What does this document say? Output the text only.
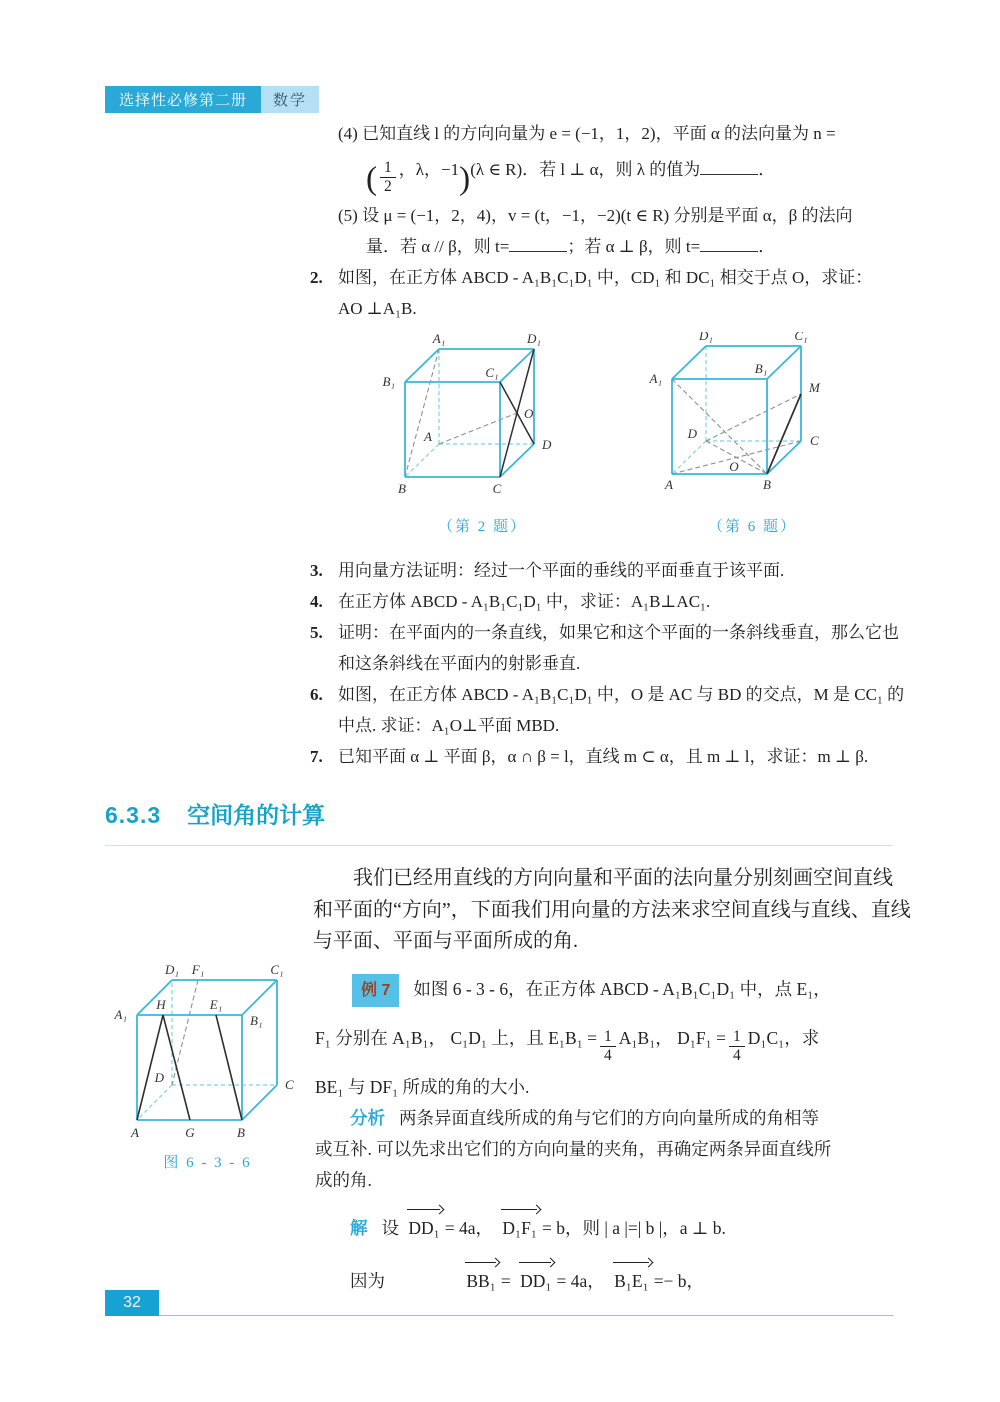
选择性必修第二册	数学
(4) 已知直线 l 的方向向量为 e = (−1，1，2)，平面 α 的法向量为 n =
( $\frac{1}{2}$ ，λ，−1)(λ ∈ R)．若 l ⊥ α，则 λ 的值为	．
(5) 设 μ = (−1，2，4)，v = (t，−1，−2)(t ∈ R) 分别是平面 α，β 的法向
量．若 α // β，则 t=	；若 α ⊥ β，则 t=	．
2. 如图，在正方体 ABCD - A₁B₁C₁D₁ 中，CD₁ 和 DC₁ 相交于点 O，求证：
AO ⊥A₁B.
A₁	D₁
B₁
C₁
O
A
D
B	C
（第 2 题）
D₁	C₁
A₁
B₁
M
D	C
O
A	B
（第 6 题）
3. 用向量方法证明：经过一个平面的垂线的平面垂直于该平面.
4. 在正方体 ABCD - A₁B₁C₁D₁ 中，求证：A₁B⊥AC₁.
5. 证明：在平面内的一条直线，如果它和这个平面的一条斜线垂直，那么它也
和这条斜线在平面内的射影垂直.
6. 如图，在正方体 ABCD - A₁B₁C₁D₁ 中，O 是 AC 与 BD 的交点，M 是 CC₁ 的
中点. 求证：A₁O⊥平面 MBD.
7. 已知平面 α ⊥ 平面 β，α ∩ β = l，直线 m ⊂ α，且 m ⊥ l，求证：m ⊥ β.
6.3.3 空间角的计算
我们已经用直线的方向向量和平面的法向量分别刻画空间直线
和平面的“方向”，下面我们用向量的方法来求空间直线与直线、直线
与平面、平面与平面所成的角.
D₁ F₁	C₁
A₁
H	E₁
B₁
D	C
A	G	B
图 6 - 3 - 6
例 7 如图 6 - 3 - 6，在正方体 ABCD - A₁B₁C₁D₁ 中，点 E₁，
F₁ 分别在 A₁B₁， C₁D₁ 上，且 $E_1B_1 = \frac{1}{4} A_1B_1$， $D_1F_1 = \frac{1}{4} D_1C_1$，求
BE₁ 与 DF₁ 所成的角的大小.
分析 两条异面直线所成的角与它们的方向向量所成的角相等
或互补. 可以先求出它们的方向向量的夹角，再确定两条异面直线所
成的角.
解 设 DD₁ = 4a， D₁F₁ = b，则 | a |=| b |，a ⊥ b.
因为	BB₁ = DD₁ = 4a， B₁E₁ =− b，
32
